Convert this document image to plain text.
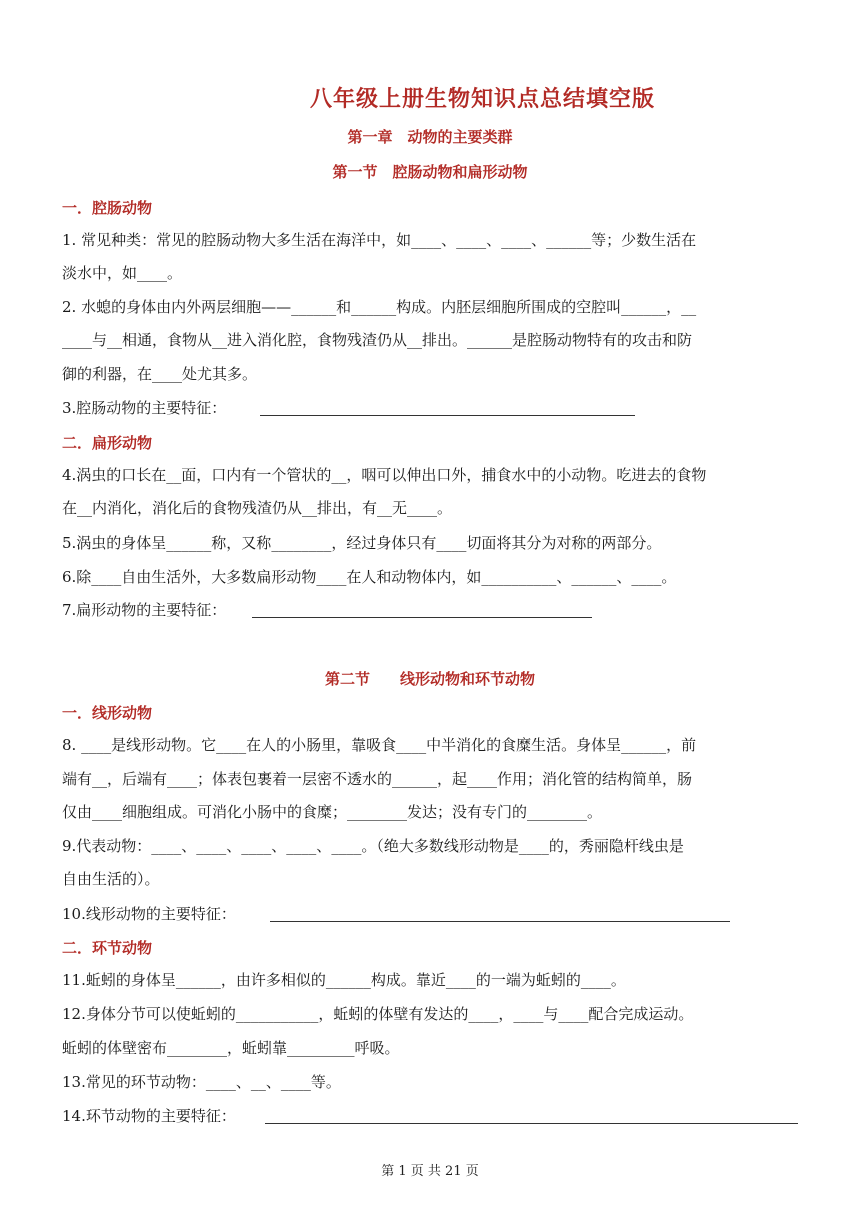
八年级上册生物知识点总结填空版
第一章　动物的主要类群
第一节　腔肠动物和扁形动物
一．腔肠动物
1. 常见种类：常见的腔肠动物大多生活在海洋中，如____、____、____、______等；少数生活在
淡水中，如____。
2. 水螅的身体由内外两层细胞——______和______构成。内胚层细胞所围成的空腔叫______，__
____与__相通，食物从__进入消化腔，食物残渣仍从__排出。______是腔肠动物特有的攻击和防
御的利器，在____处尤其多。
3.腔肠动物的主要特征：
二．扁形动物
4.涡虫的口长在__面，口内有一个管状的__，咽可以伸出口外，捕食水中的小动物。吃进去的食物
在__内消化，消化后的食物残渣仍从__排出，有__无____。
5.涡虫的身体呈______称，又称________，经过身体只有____切面将其分为对称的两部分。
6.除____自由生活外，大多数扁形动物____在人和动物体内，如__________、______、____。
7.扁形动物的主要特征：
第二节　　线形动物和环节动物
一．线形动物
8. ____是线形动物。它____在人的小肠里，靠吸食____中半消化的食糜生活。身体呈______，前
端有__，后端有____；体表包裹着一层密不透水的______，起____作用；消化管的结构简单，肠
仅由____细胞组成。可消化小肠中的食糜；________发达；没有专门的________。
9.代表动物：____、____、____、____、____。（绝大多数线形动物是____的，秀丽隐杆线虫是
自由生活的）。
10.线形动物的主要特征：
二．环节动物
11.蚯蚓的身体呈______，由许多相似的______构成。靠近____的一端为蚯蚓的____。
12.身体分节可以使蚯蚓的___________，蚯蚓的体壁有发达的____，____与____配合完成运动。
蚯蚓的体壁密布________，蚯蚓靠_________呼吸。
13.常见的环节动物：____、__、____等。
14.环节动物的主要特征：
第 1 页 共 21 页
